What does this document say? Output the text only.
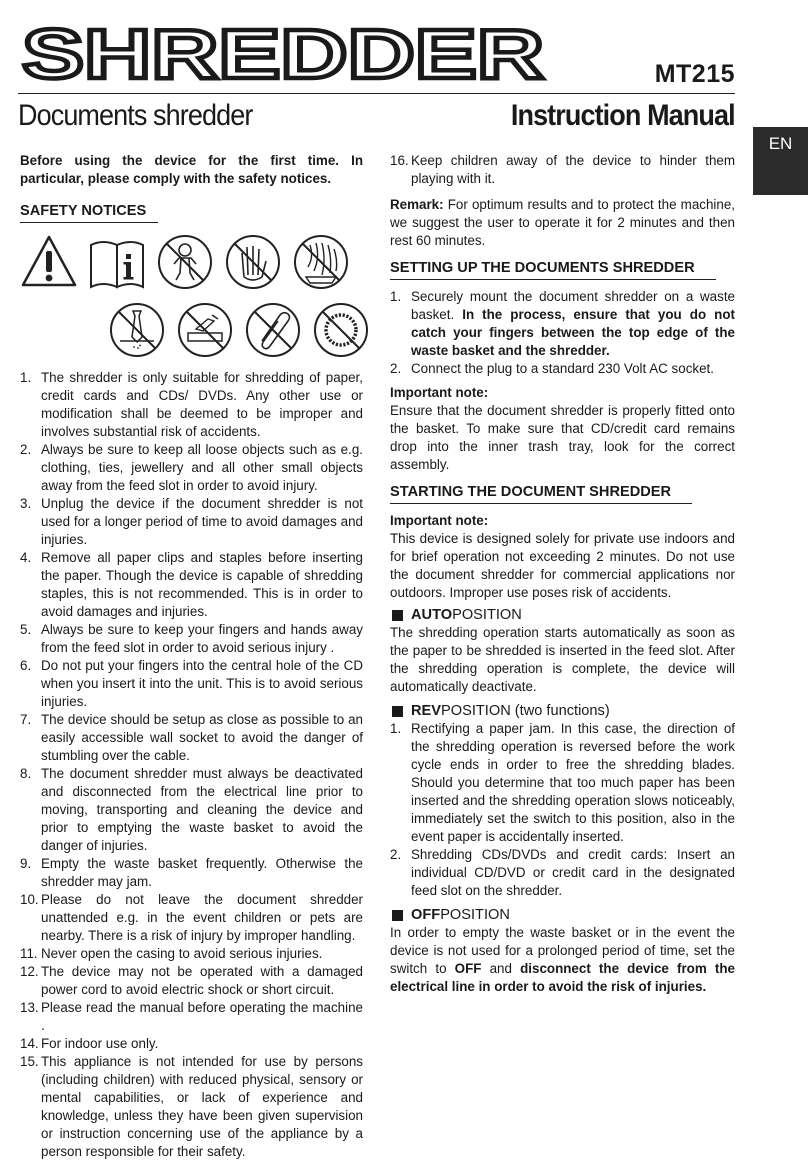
SHREDDER	MT215
Documents shredder	Instruction Manual
EN

Before using the device for the first time. In particular, please comply with the safety notices.

SAFETY NOTICES
1. The shredder is only suitable for shredding of paper, credit cards and CDs/ DVDs. Any other use or modification shall be deemed to be improper and involves substantial risk of accidents.
2. Always be sure to keep all loose objects such as e.g. clothing, ties, jewellery and all other small objects away from the feed slot in order to avoid injury.
3. Unplug the device if the document shredder is not used for a longer period of time to avoid damages and injuries.
4. Remove all paper clips and staples before inserting the paper. Though the device is capable of shredding staples, this is not recommended. This is in order to avoid damages and injuries.
5. Always be sure to keep your fingers and hands away from the feed slot in order to avoid serious injury .
6. Do not put your fingers into the central hole of the CD when you insert it into the unit. This is to avoid serious injuries.
7. The device should be setup as close as possible to an easily accessible wall socket to avoid the danger of stumbling over the cable.
8. The document shredder must always be deactivated and disconnected from the electrical line prior to moving, transporting and cleaning the device and prior to emptying the waste basket to avoid the danger of injuries.
9. Empty the waste basket frequently. Otherwise the shredder may jam.
10. Please do not leave the document shredder unattended e.g. in the event children or pets are nearby. There is a risk of injury by improper handling.
11. Never open the casing to avoid serious injuries.
12. The device may not be operated with a damaged power cord to avoid electric shock or short circuit.
13. Please read the manual before operating the machine .
14. For indoor use only.
15. This appliance is not intended for use by persons (including children) with reduced physical, sensory or mental capabilities, or lack of experience and knowledge, unless they have been given supervision or instruction concerning use of the appliance by a person responsible for their safety.
16. Keep children away of the device to hinder them playing with it.

Remark: For optimum results and to protect the machine, we suggest the user to operate it for 2 minutes and then rest 60 minutes.

SETTING UP THE DOCUMENTS SHREDDER
1. Securely mount the document shredder on a waste basket. In the process, ensure that you do not catch your fingers between the top edge of the waste basket and the shredder.
2. Connect the plug to a standard 230 Volt AC socket.

Important note:

Ensure that the document shredder is properly fitted onto the basket. To make sure that CD/credit card remains drop into the inner trash tray, look for the correct assembly.

STARTING THE DOCUMENT SHREDDER

Important note:

This device is designed solely for private use indoors and for brief operation not exceeding 2 minutes. Do not use the document shredder for commercial applications nor outdoors. Improper use poses risk of accidents.

AUTO POSITION

The shredding operation starts automatically as soon as the paper to be shredded is inserted in the feed slot. After the shredding operation is complete, the device will automatically deactivate.

REV POSITION (two functions)
1. Rectifying a paper jam. In this case, the direction of the shredding operation is reversed before the work cycle ends in order to free the shredding blades. Should you determine that too much paper has been inserted and the shredding operation slows noticeably, immediately set the switch to this position, also in the event paper is accidentally inserted.
2. Shredding CDs/DVDs and credit cards: Insert an individual CD/DVD or credit card in the designated feed slot on the shredder.
OFF POSITION

In order to empty the waste basket or in the event the device is not used for a prolonged period of time, set the switch to OFF and disconnect the device from the electrical line in order to avoid the risk of injuries.
